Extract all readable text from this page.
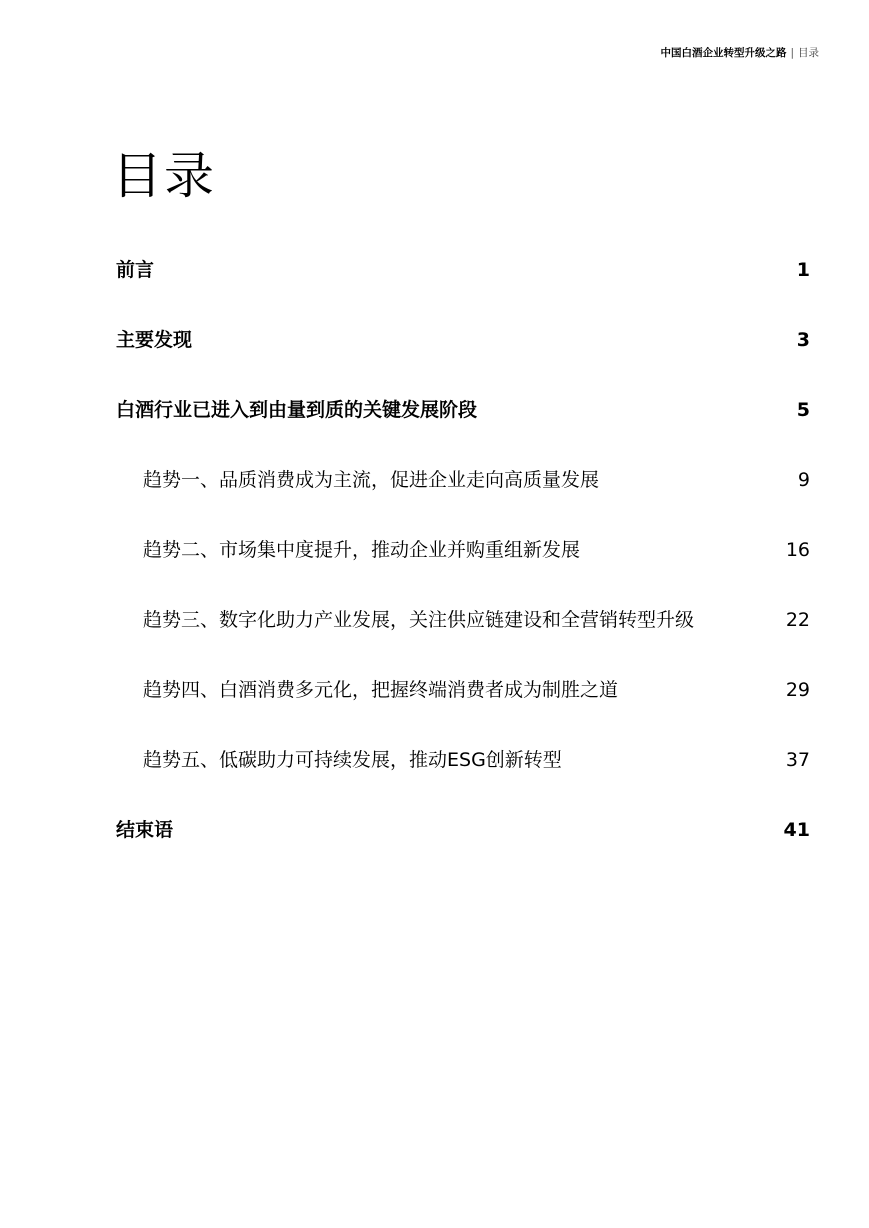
中国白酒企业转型升级之路 | 目录
目录
前言	1
主要发现	3
白酒行业已进入到由量到质的关键发展阶段	5
趋势一、品质消费成为主流，促进企业走向高质量发展	9
趋势二、市场集中度提升，推动企业并购重组新发展	16
趋势三、数字化助力产业发展，关注供应链建设和全营销转型升级	22
趋势四、白酒消费多元化，把握终端消费者成为制胜之道	29
趋势五、低碳助力可持续发展，推动ESG创新转型	37
结束语	41
